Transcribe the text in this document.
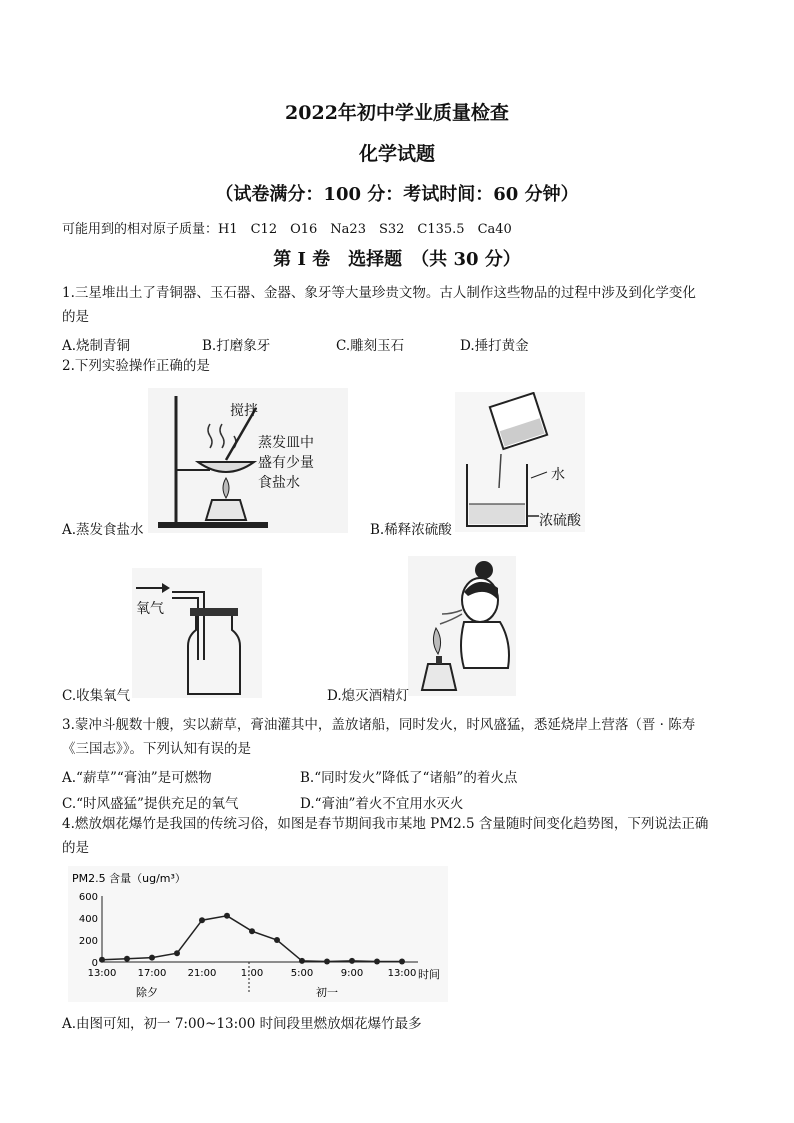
2022年初中学业质量检查
化学试题
（试卷满分：100 分：考试时间：60 分钟）
可能用到的相对原子质量：H1　C12　O16　Na23　S32　C135.5　Ca40
第 I 卷　选择题　（共 30 分）
1.三星堆出土了青铜器、玉石器、金器、象牙等大量珍贵文物。古人制作这些物品的过程中涉及到化学变化
的是
A.烧制青铜	B.打磨象牙	C.雕刻玉石	D.捶打黄金
2.下列实验操作正确的是
搅拌
蒸发皿中
盛有少量
食盐水
A.蒸发食盐水
水
浓硫酸
B.稀释浓硫酸
氧气
C.收集氧气	D.熄灭酒精灯
3.蒙冲斗舰数十艘，实以薪草，膏油灌其中，盖放诸船，同时发火，时风盛猛，悉延烧岸上营落（晋 · 陈寿
《三国志》》。下列认知有误的是
A.“薪草”“膏油”是可燃物	B.“同时发火”降低了“诸船”的着火点
C.“时风盛猛”提供充足的氧气	D.“膏油”着火不宜用水灭火
4.燃放烟花爆竹是我国的传统习俗，如图是春节期间我市某地 PM2.5 含量随时间变化趋势图，下列说法正确
的是
PM2.5 含量（ug/m³）
时间
600
400
200
0
13:00 17:00 21:00 1:00	5:00	9:00 13:00
除夕	初一
A.由图可知，初一 7:00~13:00 时间段里燃放烟花爆竹最多
